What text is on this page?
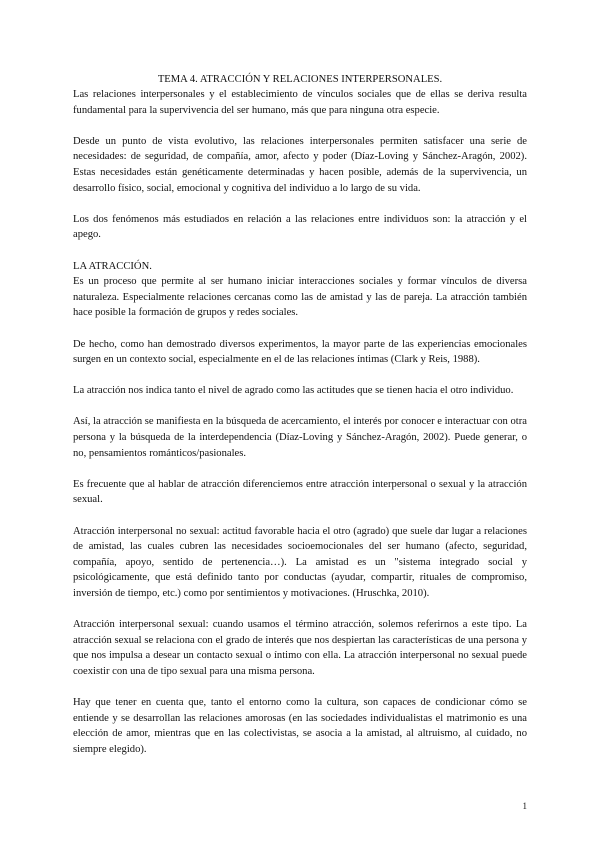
TEMA 4. ATRACCIÓN Y RELACIONES INTERPERSONALES.

Las relaciones interpersonales y el establecimiento de vínculos sociales que de ellas se deriva resulta fundamental para la supervivencia del ser humano, más que para ninguna otra especie.

Desde un punto de vista evolutivo, las relaciones interpersonales permiten satisfacer una serie de necesidades: de seguridad, de compañía, amor, afecto y poder (Díaz-Loving y Sánchez-Aragón, 2002). Estas necesidades están genéticamente determinadas y hacen posible, además de la supervivencia, un desarrollo físico, social, emocional y cognitiva del individuo a lo largo de su vida.

Los dos fenómenos más estudiados en relación a las relaciones entre individuos son: la atracción y el apego.

LA ATRACCIÓN.

Es un proceso que permite al ser humano iniciar interacciones sociales y formar vínculos de diversa naturaleza. Especialmente relaciones cercanas como las de amistad y las de pareja. La atracción también hace posible la formación de grupos y redes sociales.

De hecho, como han demostrado diversos experimentos, la mayor parte de las experiencias emocionales surgen en un contexto social, especialmente en el de las relaciones íntimas (Clark y Reis, 1988).

La atracción nos indica tanto el nivel de agrado como las actitudes que se tienen hacia el otro individuo.

Así, la atracción se manifiesta en la búsqueda de acercamiento, el interés por conocer e interactuar con otra persona y la búsqueda de la interdependencia (Díaz-Loving y Sánchez-Aragón, 2002). Puede generar, o no, pensamientos románticos/pasionales.

Es frecuente que al hablar de atracción diferenciemos entre atracción interpersonal o sexual y la atracción sexual.

Atracción interpersonal no sexual: actitud favorable hacia el otro (agrado) que suele dar lugar a relaciones de amistad, las cuales cubren las necesidades socioemocionales del ser humano (afecto, seguridad, compañía, apoyo, sentido de pertenencia…). La amistad es un "sistema integrado social y psicológicamente, que está definido tanto por conductas (ayudar, compartir, rituales de compromiso, inversión de tiempo, etc.) como por sentimientos y motivaciones. (Hruschka, 2010).

Atracción interpersonal sexual: cuando usamos el término atracción, solemos referirnos a este tipo. La atracción sexual se relaciona con el grado de interés que nos despiertan las características de una persona y que nos impulsa a desear un contacto sexual o íntimo con ella. La atracción interpersonal no sexual puede coexistir con una de tipo sexual para una misma persona.

Hay que tener en cuenta que, tanto el entorno como la cultura, son capaces de condicionar cómo se entiende y se desarrollan las relaciones amorosas (en las sociedades individualistas el matrimonio es una elección de amor, mientras que en las colectivistas, se asocia a la amistad, al altruismo, al cuidado, no siempre elegido).

1
